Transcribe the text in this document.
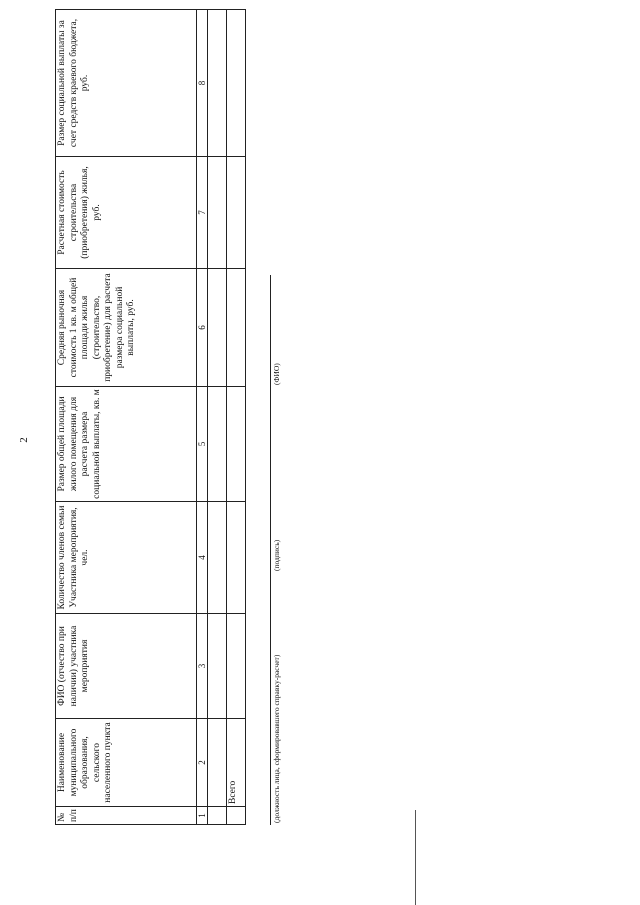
2
№ п/п	Наименование муниципального образования, сельского населенного пункта	ФИО (отчество при наличии) участника мероприятия	Количество членов семьи Участника мероприятия, чел.	Размер общей площади жилого помещения для расчета размера социальной выплаты, кв. м	Средняя рыночная стоимость 1 кв. м общей площади жилья (строительство, приобретение) для расчета размера социальной выплаты, руб.	Расчетная стоимость строительства (приобретения) жилья, руб.	Размер социальной выплаты за счет средств краевого бюджета, руб.
1	2	3	4	5	6	7	8

	Всего							(должность лица, сформировавшего справку-расчет)
(подпись)
(ФИО)
